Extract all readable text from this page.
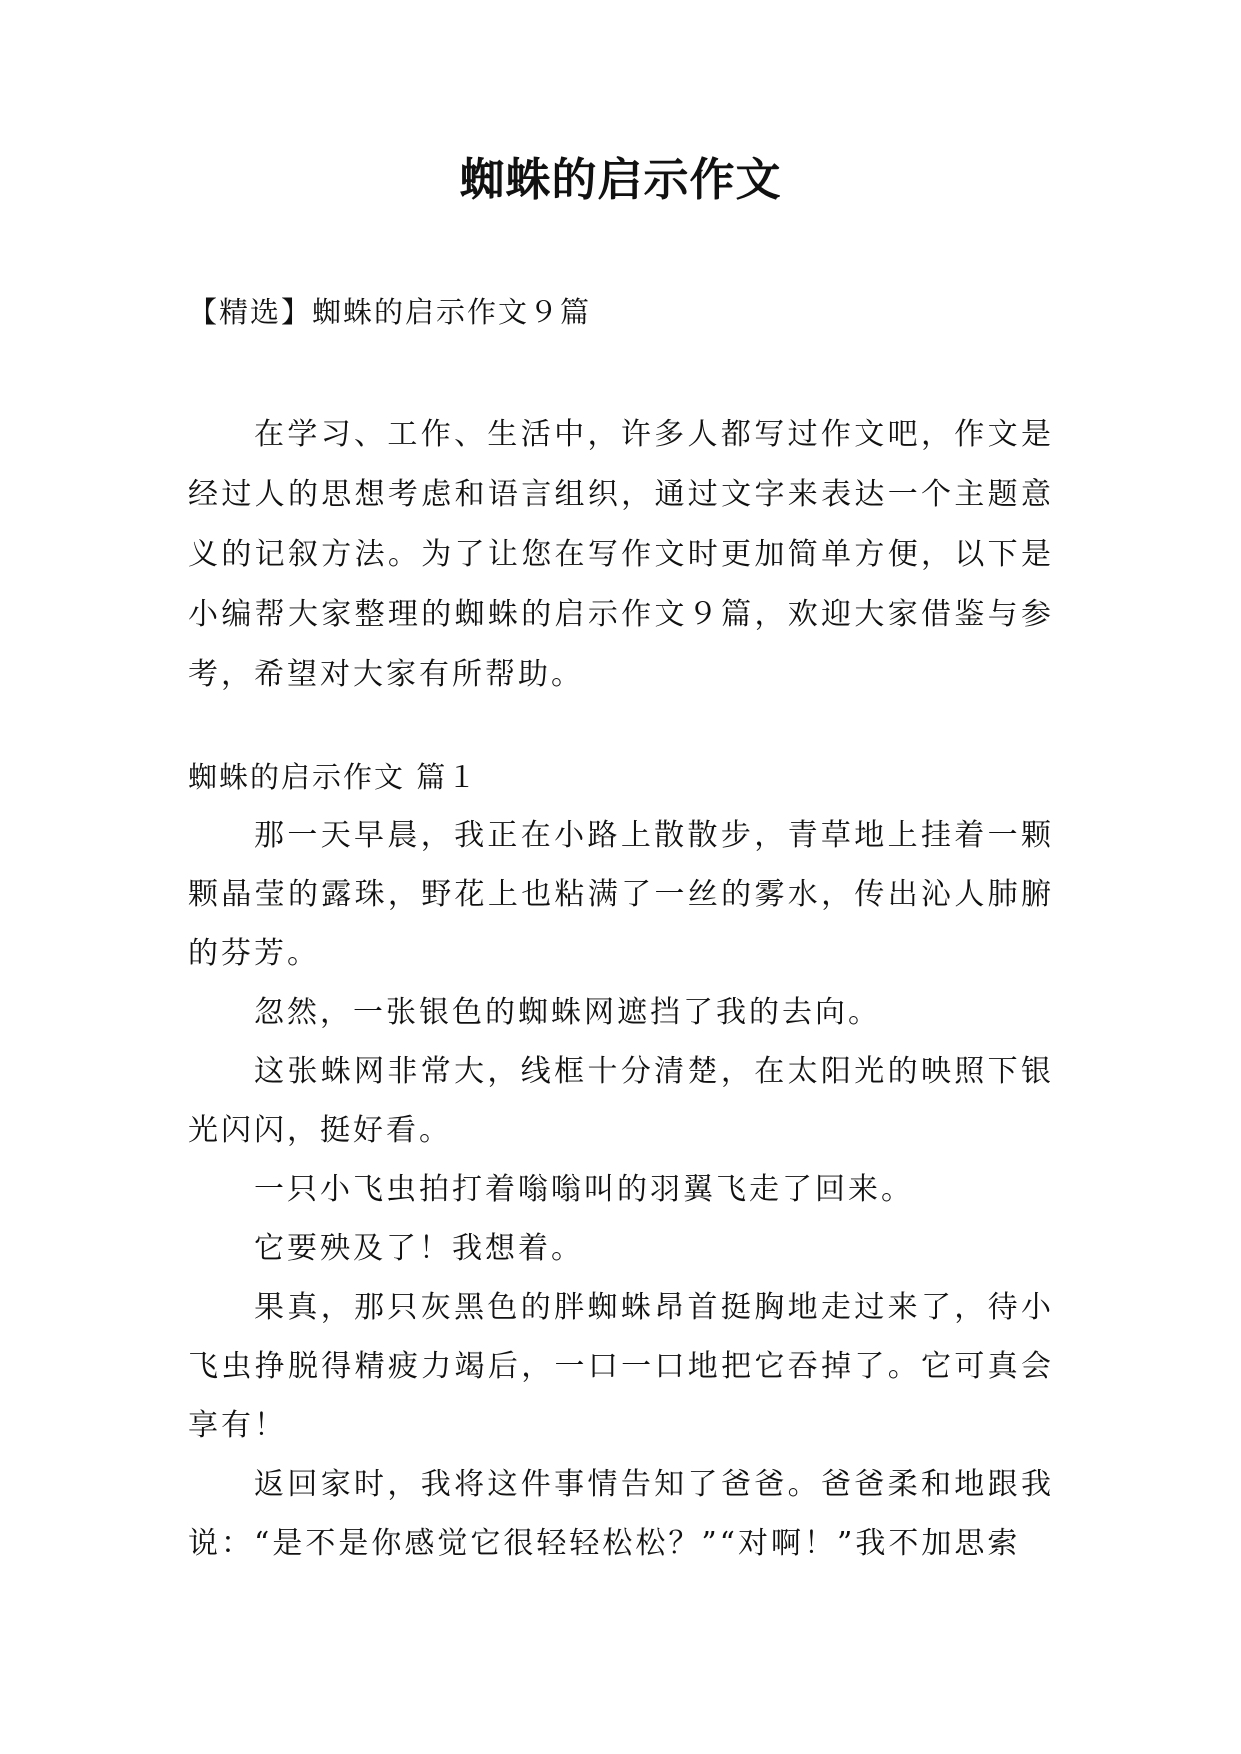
蜘蛛的启示作文
【精选】蜘蛛的启示作文９篇

在学习、工作、生活中，许多人都写过作文吧，作文是经过人的思想考虑和语言组织，通过文字来表达一个主题意义的记叙方法。为了让您在写作文时更加简单方便，以下是小编帮大家整理的蜘蛛的启示作文９篇，欢迎大家借鉴与参考，希望对大家有所帮助。

蜘蛛的启示作文 篇１

那一天早晨，我正在小路上散散步，青草地上挂着一颗颗晶莹的露珠，野花上也粘满了一丝的雾水，传出沁人肺腑的芬芳。

忽然，一张银色的蜘蛛网遮挡了我的去向。

这张蛛网非常大，线框十分清楚，在太阳光的映照下银光闪闪，挺好看。

一只小飞虫拍打着嗡嗡叫的羽翼飞走了回来。

它要殃及了！我想着。

果真，那只灰黑色的胖蜘蛛昂首挺胸地走过来了，待小飞虫挣脱得精疲力竭后，一口一口地把它吞掉了。它可真会享有！

返回家时，我将这件事情告知了爸爸。爸爸柔和地跟我说：“是不是你感觉它很轻轻松松？”“对啊！”我不加思索
